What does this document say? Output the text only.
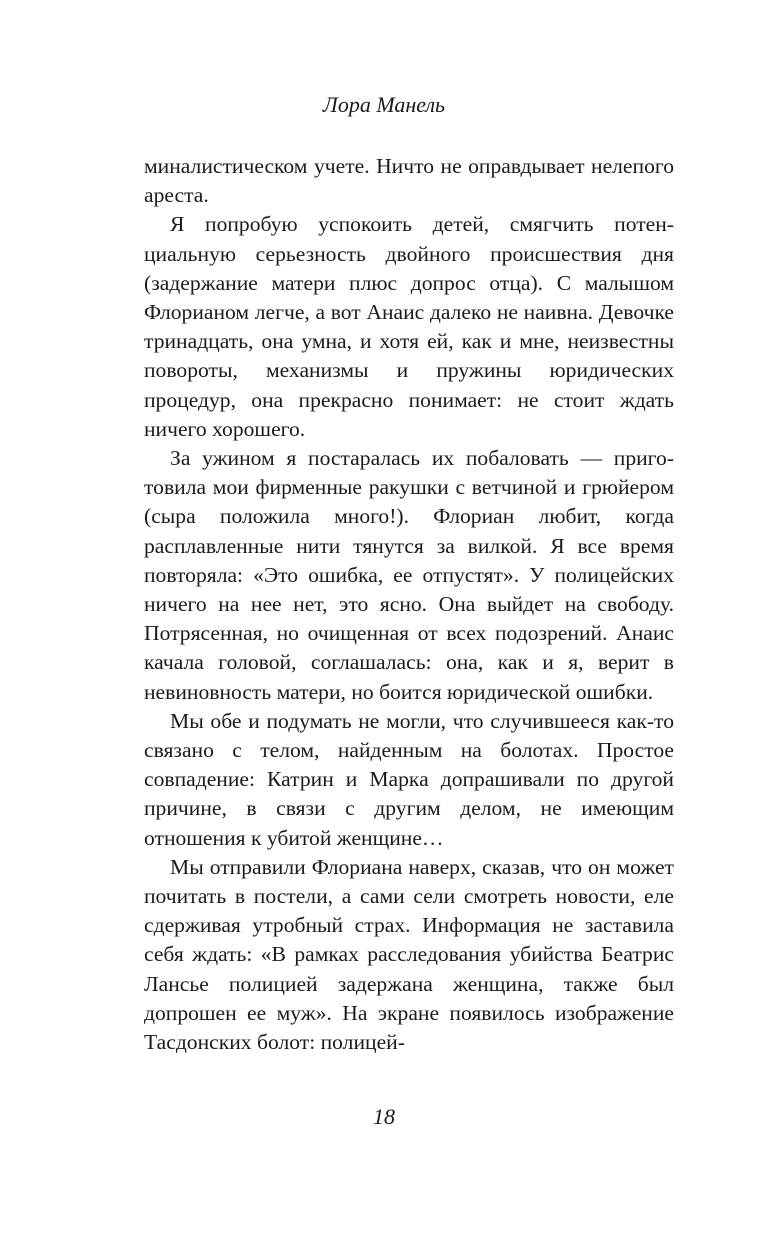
Лора Манель

миналистическом учете. Ничто не оправдывает нелепого ареста.

Я попробую успокоить детей, смягчить потенциальную серьезность двойного происшествия дня (задержание матери плюс допрос отца). С малышом Флорианом легче, а вот Анаис далеко не наивна. Девочке тринадцать, она умна, и хотя ей, как и мне, неизвестны повороты, механизмы и пружины юридических процедур, она прекрасно понимает: не стоит ждать ничего хорошего.

За ужином я постаралась их побаловать — приготовила мои фирменные ракушки с ветчиной и грюйером (сыра положила много!). Флориан любит, когда расплавленные нити тянутся за вилкой. Я все время повторяла: «Это ошибка, ее отпустят». У полицейских ничего на нее нет, это ясно. Она выйдет на свободу. Потрясенная, но очищенная от всех подозрений. Анаис качала головой, соглашалась: она, как и я, верит в невиновность матери, но боится юридической ошибки.

Мы обе и подумать не могли, что случившееся как-то связано с телом, найденным на болотах. Простое совпадение: Катрин и Марка допрашивали по другой причине, в связи с другим делом, не имеющим отношения к убитой женщине…

Мы отправили Флориана наверх, сказав, что он может почитать в постели, а сами сели смотреть новости, еле сдерживая утробный страх. Информация не заставила себя ждать: «В рамках расследования убийства Беатрис Лансье полицией задержана женщина, также был допрошен ее муж». На экране появилось изображение Тасдонских болот: полицей-

18
